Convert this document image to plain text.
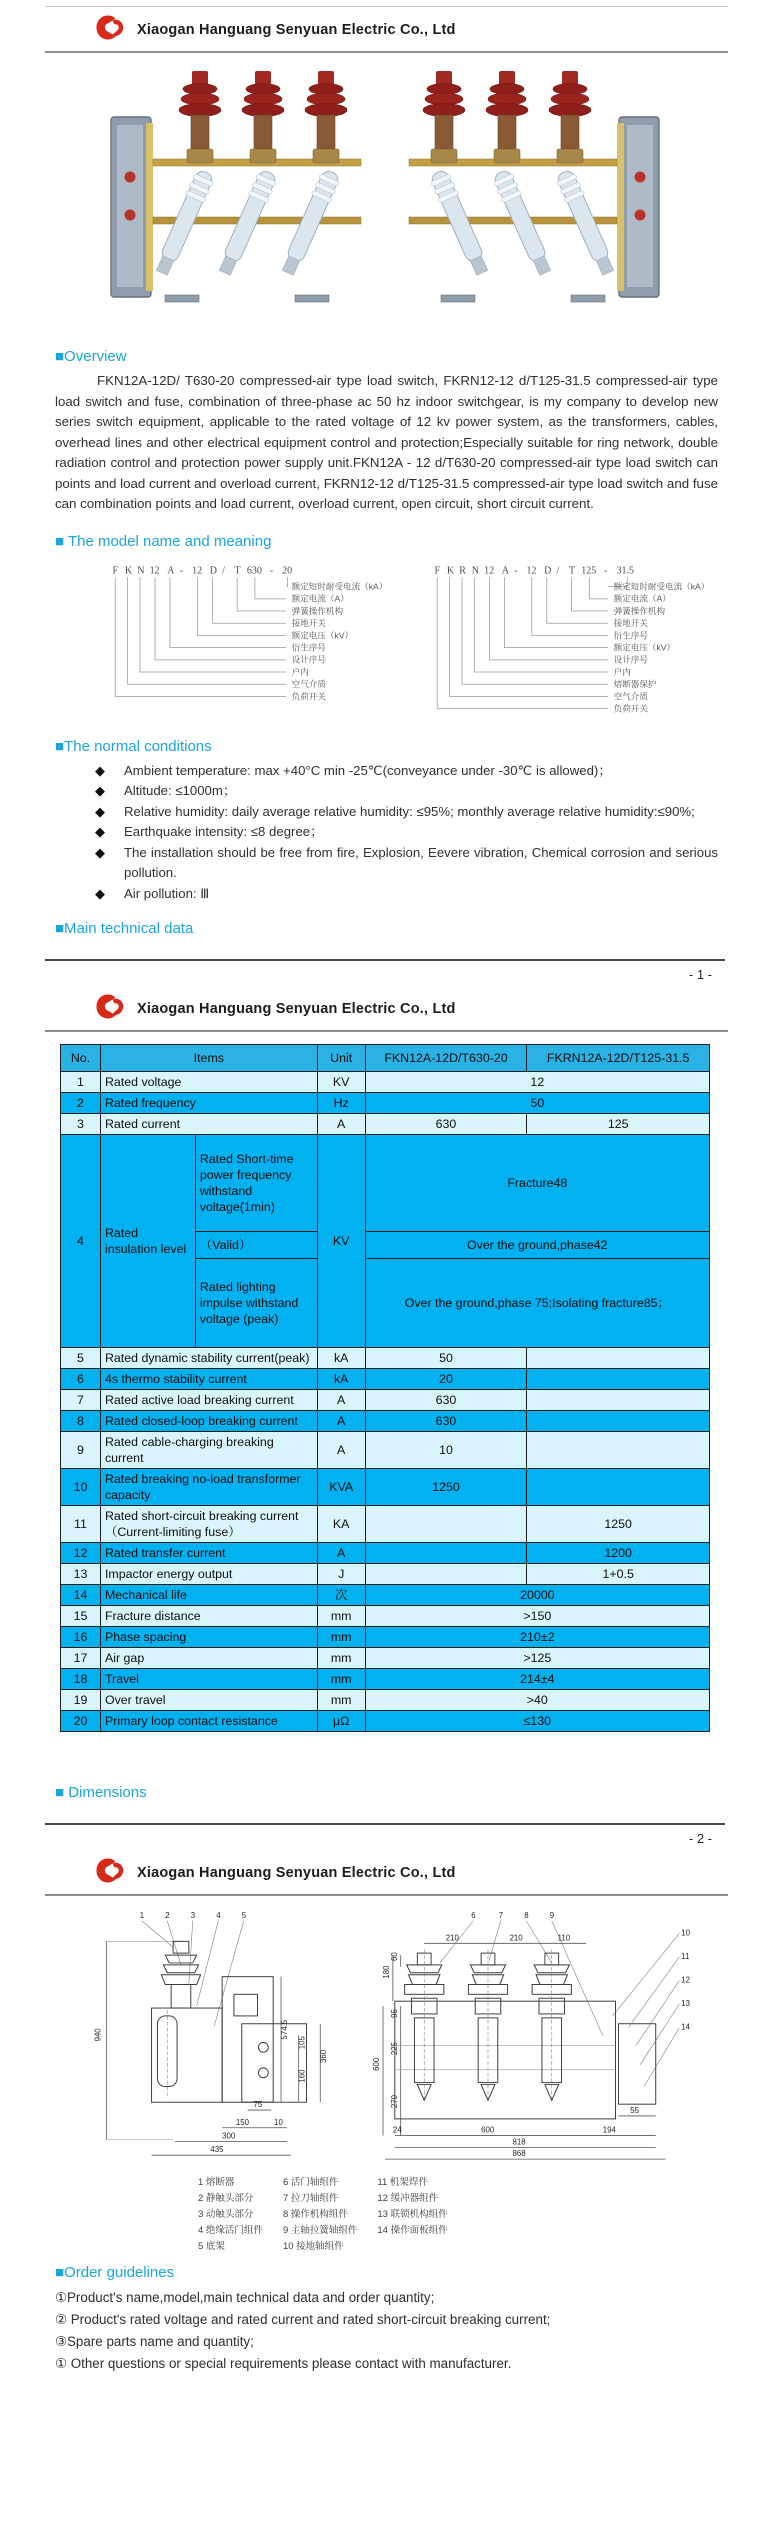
Xiaogan Hanguang Senyuan Electric Co., Ltd
■Overview
FKN12A-12D/ T630-20 compressed-air type load switch, FKRN12-12 d/T125-31.5 compressed-air type load switch and fuse, combination of three-phase ac 50 hz indoor switchgear, is my company to develop new series switch equipment, applicable to the rated voltage of 12 kv power system, as the transformers, cables, overhead lines and other electrical equipment control and protection;Especially suitable for ring network, double radiation control and protection power supply unit.FKN12A - 12 d/T630-20 compressed-air type load switch can points and load current and overload current, FKRN12-12 d/T125-31.5 compressed-air type load switch and fuse can combination points and load current, overload current, open circuit, short circuit current.
■ The model name and meaning
F K N 12 A - 12 D / T 630 - 20
额定短时耐受电流（kA）
额定电流（A）
弹簧操作机构
接地开关
额定电压（kV）
衍生序号
设计序号
户内
空气介质
负荷开关
F K R N 12 A - 12 D / T 125 - 31.5
额定短时耐受电流（kA）
额定电流（A）
弹簧操作机构
接地开关
衍生序号
额定电压（kV）
设计序号
户内
熔断器保护
空气介质
负荷开关
■The normal conditions
◆ Ambient temperature: max +40°C min -25℃(conveyance under -30℃ is allowed)；
◆ Altitude: ≤1000m；
◆ Relative humidity: daily average relative humidity: ≤95%; monthly average relative humidity:≤90%;
◆ Earthquake intensity: ≤8 degree；
◆ The installation should be free from fire, Explosion, Eevere vibration, Chemical corrosion and serious pollution.
◆ Air pollution: Ⅲ
■Main technical data
- 1 -
Xiaogan Hanguang Senyuan Electric Co., Ltd
No.	Items		Unit	FKN12A-12D/T630-20	FKRN12A-12D/T125-31.5
1	Rated voltage		KV	12	
2	Rated frequency		Hz	50	
3	Rated current		A	630	125
4	Rated insulation level	Rated Short-time power frequency withstand voltage(1min)	KV	Fracture48	
		（Valid）		Over the ground,phase42	
		Rated lighting impulse withstand voltage (peak)		Over the ground,phase 75;Isolating fracture85；	
5	Rated dynamic stability current(peak)		kA	50	
6	4s thermo stability current		kA	20	
7	Rated active load breaking current		A	630	
8	Rated closed-loop breaking current		A	630	
9	Rated cable-charging breaking current		A	10	
10	Rated breaking no-load transformer capacity		KVA	1250	
11	Rated short-circuit breaking current（Current-limiting fuse）		KA		1250
12	Rated transfer current		A		1200
13	Impactor energy output		J		1+0.5
14	Mechanical life		次	20000	
15	Fracture distance		mm	>150	
16	Phase spacing		mm	210±2	
17	Air gap		mm	>125	
18	Travel		mm	214±4	
19	Over travel		mm	>40	
20	Primary loop contact resistance		μΩ	≤130	
■ Dimensions
- 2 -
Xiaogan Hanguang Senyuan Electric Co., Ltd
1	2	3	4	5
940	574.5
360
105
160
75
150	10
300
435
6	7	8	9
210	210	110
60
180
95
225
270
600
55
24	600	194
818
868
10
11
12
13
14
1 熔断器
2 静触头部分
3 动触头部分
4 绝缘活门组件
5 底架
6 活门轴组件
7 拉刀轴组件
8 操作机构组件
9 主轴拉簧轴组件
10 接地轴组件
11 机架焊件
12 缓冲器组件
13 联锁机构组件
14 操作面板组件
■Order guidelines
①Product's name,model,main technical data and order quantity;
② Product's rated voltage and rated current and rated short-circuit breaking current;
③Spare parts name and quantity;
① Other questions or special requirements please contact with manufacturer.
